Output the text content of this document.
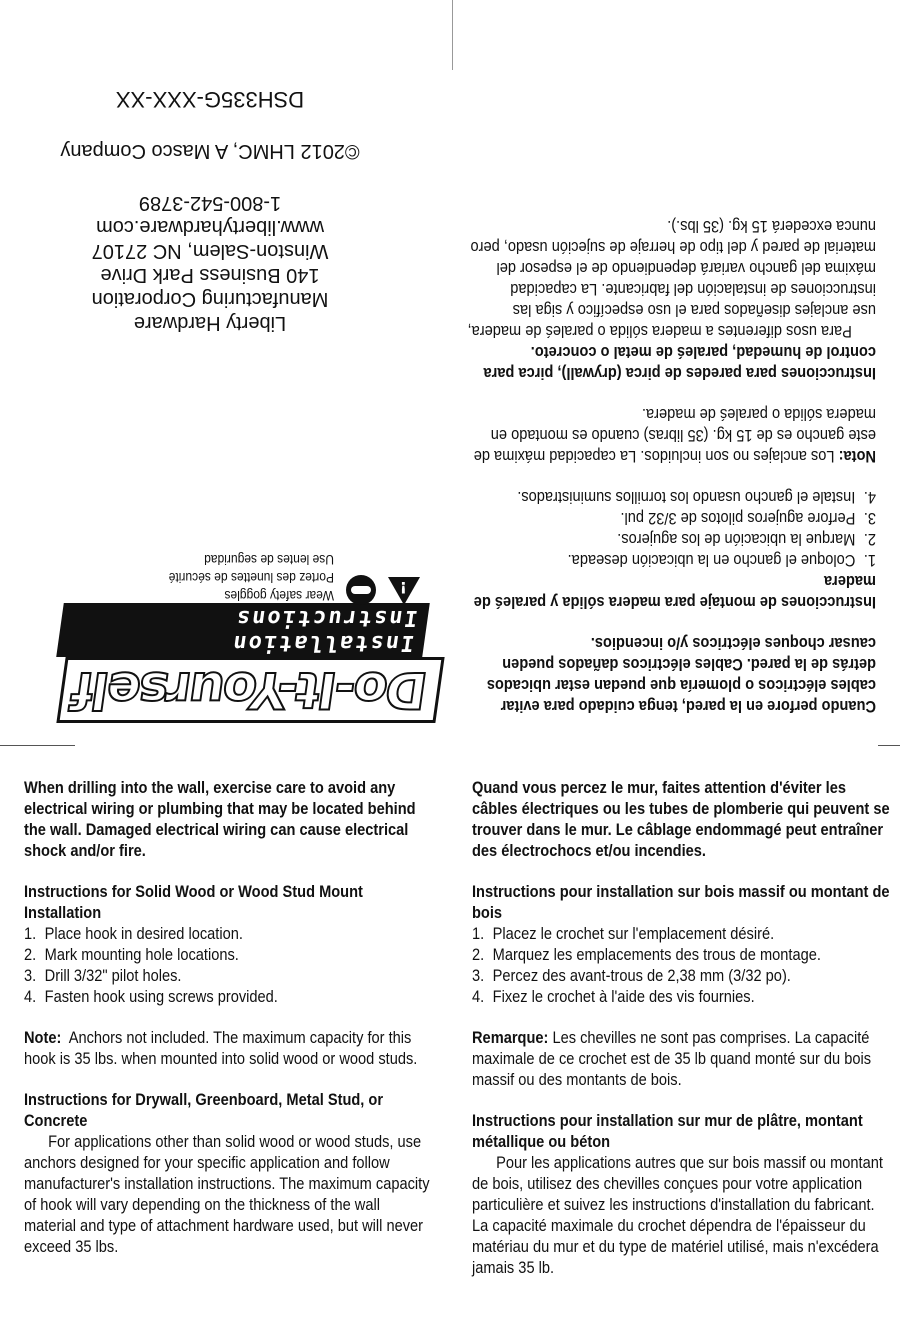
Cuando perfore en la pared, tenga cuidado para evitar cables eléctricos o plomería que puedan estar ubicados detrás de la pared. Cables eléctricos dañados pueden causar choques eléctricos y/o incendios.

Instrucciones de montaje para madera sólida y paraleś de madera
1.
Coloque el gancho en la ubicación deseada.
2.
Marque la ubicación de los agujeros.
3.
Perfore agujeros pilotos de 3/32 pul.
4.
Instale el gancho usando los tornillos suministrados.

Nota: Los anclajes no son incluidos. La capacidad máxima de este gancho es de 15 kg. (35 libras) cuando es montado en madera sólida o paraleś de madera.

Instrucciones para paredes de pirca (drywall), pirca para control de humedad, paraleś de metal o concreto.

Para usos diferentes a madera sólida o paraleś de madera, use anclajes diseñados para el uso específico y siga las instrucciones de instalación del fabricante. La capacidad máxima del gancho variará dependiendo de el espesor del material de pared y del tipo de herraje de sujeción usado, pero nunca excederá 15 kg. (35 lbs.).

Do-It-Yourself Installation Instructions
!
Wear safety goggles
Portez des lunettes de sécurité
Use lentes de seguridad
Liberty Hardware
Manufacturing Corporation
140 Business Park Drive
Winston-Salem, NC 27107
www.libertyhardware.com
1-800-542-3789
©2012 LHMC, A Masco Company
DSH335G-XXX-XX

When drilling into the wall, exercise care to avoid any electrical wiring or plumbing that may be located behind the wall. Damaged electrical wiring can cause electrical shock and/or fire.

Instructions for Solid Wood or Wood Stud Mount Installation
1. Place hook in desired location.
2. Mark mounting hole locations.
3. Drill 3/32" pilot holes.
4. Fasten hook using screws provided.

Note: Anchors not included. The maximum capacity for this hook is 35 lbs. when mounted into solid wood or wood studs.

Instructions for Drywall, Greenboard, Metal Stud, or Concrete

For applications other than solid wood or wood studs, use anchors designed for your specific application and follow manufacturer's installation instructions. The maximum capacity of hook will vary depending on the thickness of the wall material and type of attachment hardware used, but will never exceed 35 lbs.

Quand vous percez le mur, faites attention d'éviter les câbles électriques ou les tubes de plomberie qui peuvent se trouver dans le mur. Le câblage endommagé peut entraîner des électrochocs et/ou incendies.

Instructions pour installation sur bois massif ou montant de bois
1. Placez le crochet sur l'emplacement désiré.
2. Marquez les emplacements des trous de montage.
3. Percez des avant-trous de 2,38 mm (3/32 po).
4. Fixez le crochet à l'aide des vis fournies.

Remarque: Les chevilles ne sont pas comprises. La capacité maximale de ce crochet est de 35 lb quand monté sur du bois massif ou des montants de bois.

Instructions pour installation sur mur de plâtre, montant métallique ou béton

Pour les applications autres que sur bois massif ou montant de bois, utilisez des chevilles conçues pour votre application particulière et suivez les instructions d'installation du fabricant. La capacité maximale du crochet dépendra de l'épaisseur du matériau du mur et du type de matériel utilisé, mais n'excédera jamais 35 lb.
